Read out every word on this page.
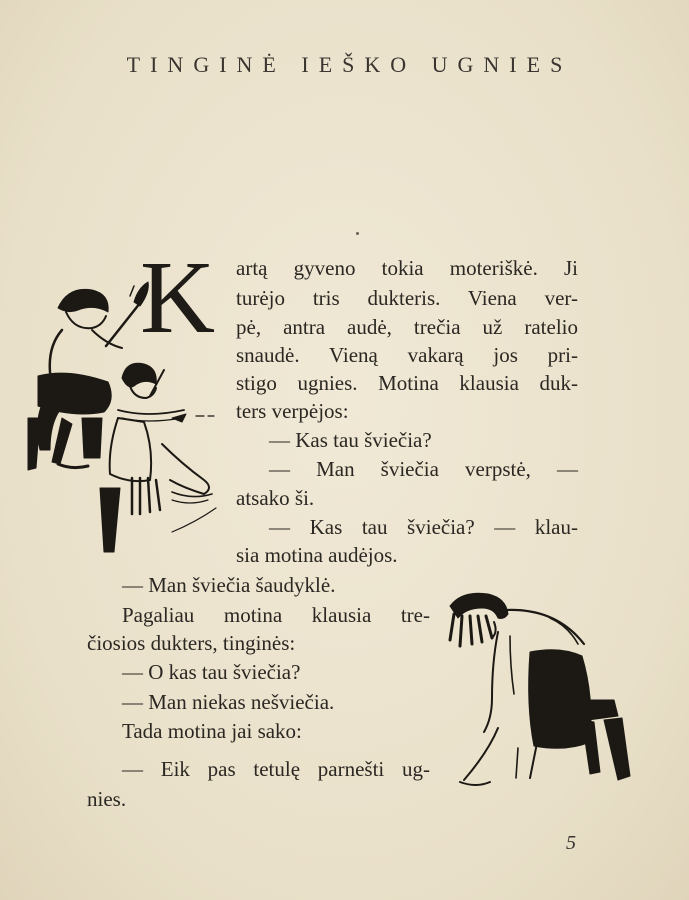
TINGINĖ IEŠKO UGNIES
K artą gyveno tokia moteriškė. Ji
turėjo tris dukteris. Viena ver-
pė, antra audė, trečia už ratelio
snaudė. Vieną vakarą jos pri-
stigo ugnies. Motina klausia duk-
ters verpėjos:
— Kas tau šviečia?
— Man šviečia verpstė, —
atsako ši.
— Kas tau šviečia? — klau-
sia motina audėjos.
— Man šviečia šaudyklė.
Pagaliau motina klausia tre-
čiosios dukters, tinginės:
— O kas tau šviečia?
— Man niekas nešviečia.
Tada motina jai sako:
— Eik pas tetulę parnešti ug-
nies.
5
